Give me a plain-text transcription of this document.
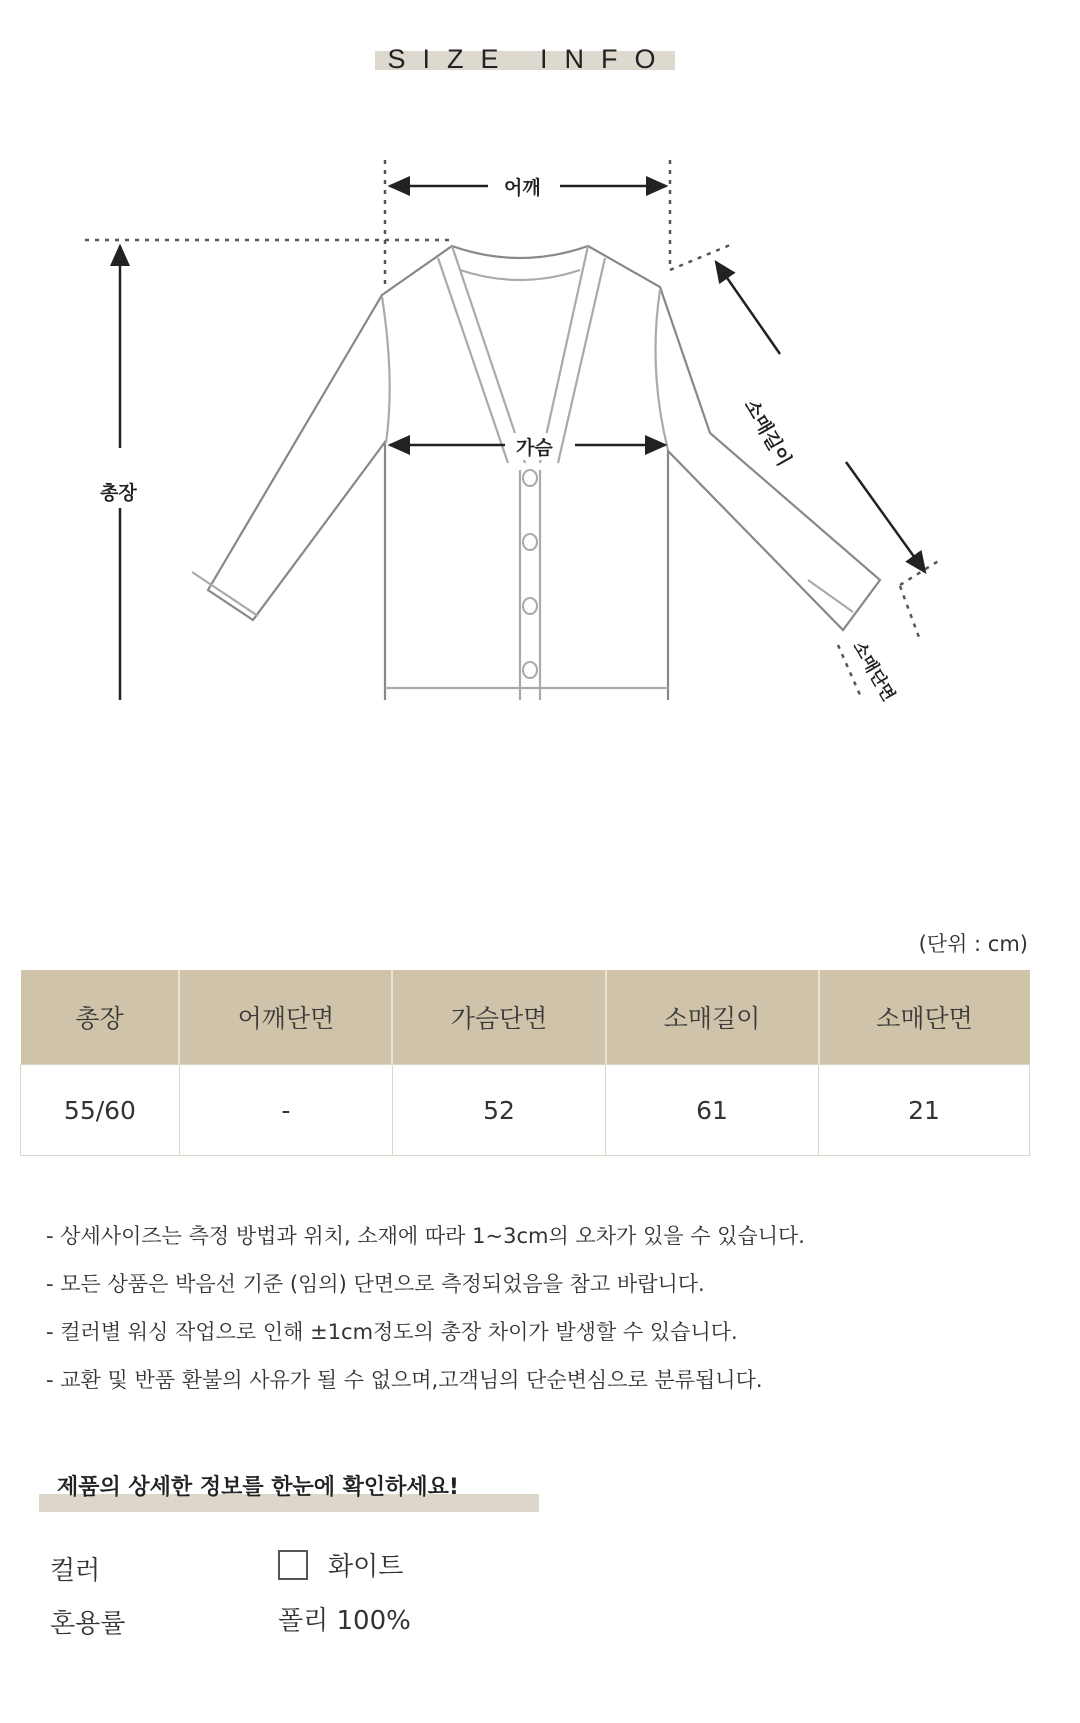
SIZE INFO
어깨
가슴
총장
소매길이
소매단면
(단위 : cm)
총장	어깨단면	가슴단면	소매길이	소매단면
55/60	-	52	61	21
- 상세사이즈는 측정 방법과 위치, 소재에 따라 1~3cm의 오차가 있을 수 있습니다.
- 모든 상품은 박음선 기준 (임의) 단면으로 측정되었음을 참고 바랍니다.
- 컬러별 워싱 작업으로 인해 ±1cm정도의 총장 차이가 발생할 수 있습니다.
- 교환 및 반품 환불의 사유가 될 수 없으며,고객님의 단순변심으로 분류됩니다.
제품의 상세한 정보를 한눈에 확인하세요!
컬러	화이트
혼용률	폴리 100%
